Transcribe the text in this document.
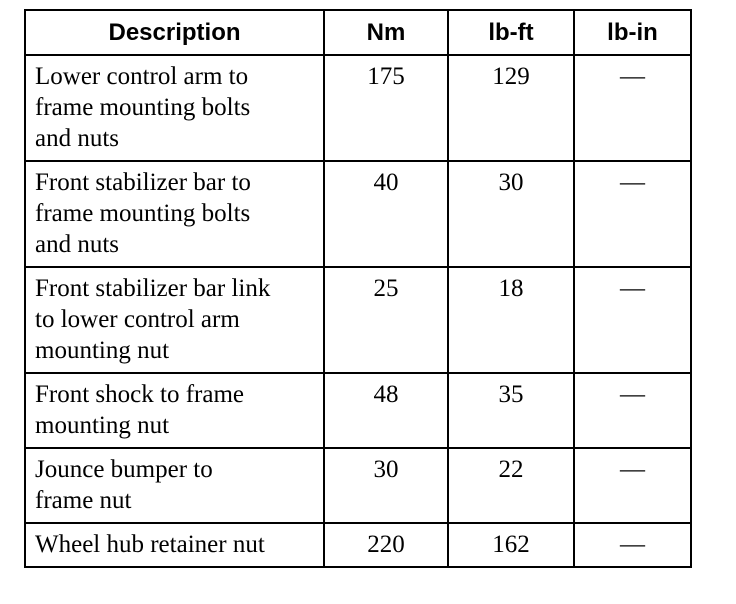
Description	Nm	lb-ft	lb-in
Lower control arm to
frame mounting bolts
and nuts	175	129	—
Front stabilizer bar to
frame mounting bolts
and nuts	40	30	—
Front stabilizer bar link
to lower control arm
mounting nut	25	18	—
Front shock to frame
mounting nut	48	35	—
Jounce bumper to
frame nut	30	22	—
Wheel hub retainer nut	220	162	—
